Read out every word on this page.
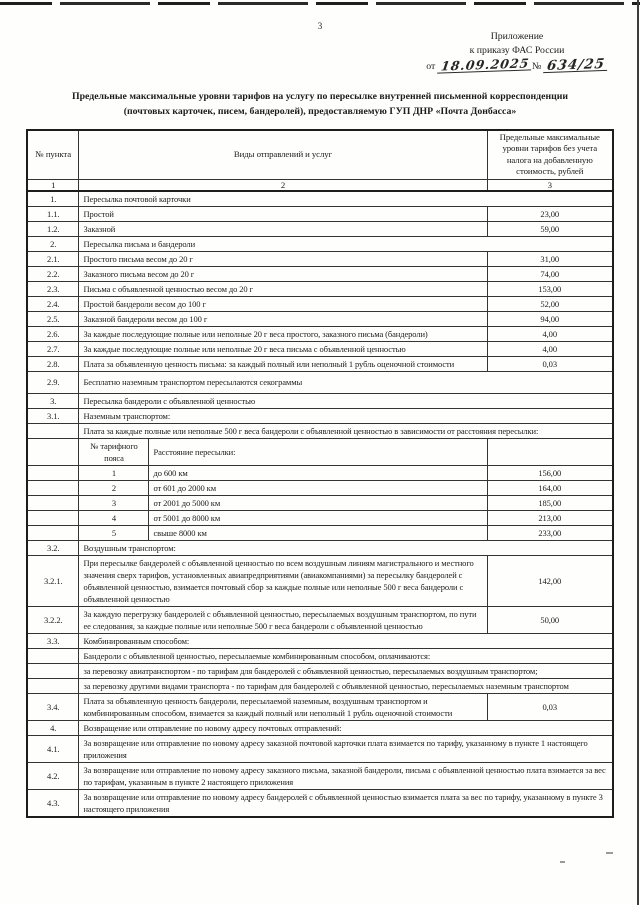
3
Приложение
к приказу ФАС России
от 18.09.2025 № 634/25
Предельные максимальные уровни тарифов на услугу по пересылке внутренней письменной корреспонденции
(почтовых карточек, писем, бандеролей), предоставляемую ГУП ДНР «Почта Донбасса»
№ пункта	Виды отправлений и услуг		Предельные максимальные уровни тарифов без учета налога на добавленную стоимость, рублей
1	2		3
1.	Пересылка почтовой карточки		
1.1.	Простой		23,00
1.2.	Заказной		59,00
2.	Пересылка письма и бандероли		
2.1.	Простого письма весом до 20 г		31,00
2.2.	Заказного письма весом до 20 г		74,00
2.3.	Письма с объявленной ценностью весом до 20 г		153,00
2.4.	Простой бандероли весом до 100 г		52,00
2.5.	Заказной бандероли весом до 100 г		94,00
2.6.	За каждые последующие полные или неполные 20 г веса простого, заказного письма (бандероли)		4,00
2.7.	За каждые последующие полные или неполные 20 г веса письма с объявленной ценностью		4,00
2.8.	Плата за объявленную ценность письма: за каждый полный или неполный 1 рубль оценочной стоимости		0,03
2.9.	Бесплатно наземным транспортом пересылаются секограммы		
3.	Пересылка бандероли с объявленной ценностью		
3.1.	Наземным транспортом:		
	Плата за каждые полные или неполные 500 г веса бандероли с объявленной ценностью в зависимости от расстояния пересылки:		
	№ тарифного пояса	Расстояние пересылки:	
	1	до 600 км	156,00
	2	от 601 до 2000 км	164,00
	3	от 2001 до 5000 км	185,00
	4	от 5001 до 8000 км	213,00
	5	свыше 8000 км	233,00
3.2.	Воздушным транспортом:		
3.2.1.	При пересылке бандеролей с объявленной ценностью по всем воздушным линиям магистрального и местного значения сверх тарифов, установленных авиапредприятиями (авиакомпаниями) за пересылку бандеролей с объявленной ценностью, взимается почтовый сбор за каждые полные или неполные 500 г веса бандероли с объявленной ценностью		142,00
3.2.2.	За каждую перегрузку бандеролей с объявленной ценностью, пересылаемых воздушным транспортом, по пути ее следования, за каждые полные или неполные 500 г веса бандероли с объявленной ценностью		50,00
3.3.	Комбинированным способом:		
	Бандероли с объявленной ценностью, пересылаемые комбинированным способом, оплачиваются:		
	за перевозку авиатранспортом - по тарифам для бандеролей с объявленной ценностью, пересылаемых воздушным транспортом;		
	за перевозку другими видами транспорта - по тарифам для бандеролей с объявленной ценностью, пересылаемых наземным транспортом		
3.4.	Плата за объявленную ценность бандероли, пересылаемой наземным, воздушным транспортом и комбинированным способом, взимается за каждый полный или неполный 1 рубль оценочной стоимости		0,03
4.	Возвращение или отправление по новому адресу почтовых отправлений:		
4.1.	За возвращение или отправление по новому адресу заказной почтовой карточки плата взимается по тарифу, указанному в пункте 1 настоящего приложения		
4.2.	За возвращение или отправление по новому адресу заказного письма, заказной бандероли, письма с объявленной ценностью плата взимается за вес по тарифам, указанным в пункте 2 настоящего приложения		
4.3.	За возвращение или отправление по новому адресу бандеролей с объявленной ценностью взимается плата за вес по тарифу, указанному в пункте 3 настоящего приложения		
